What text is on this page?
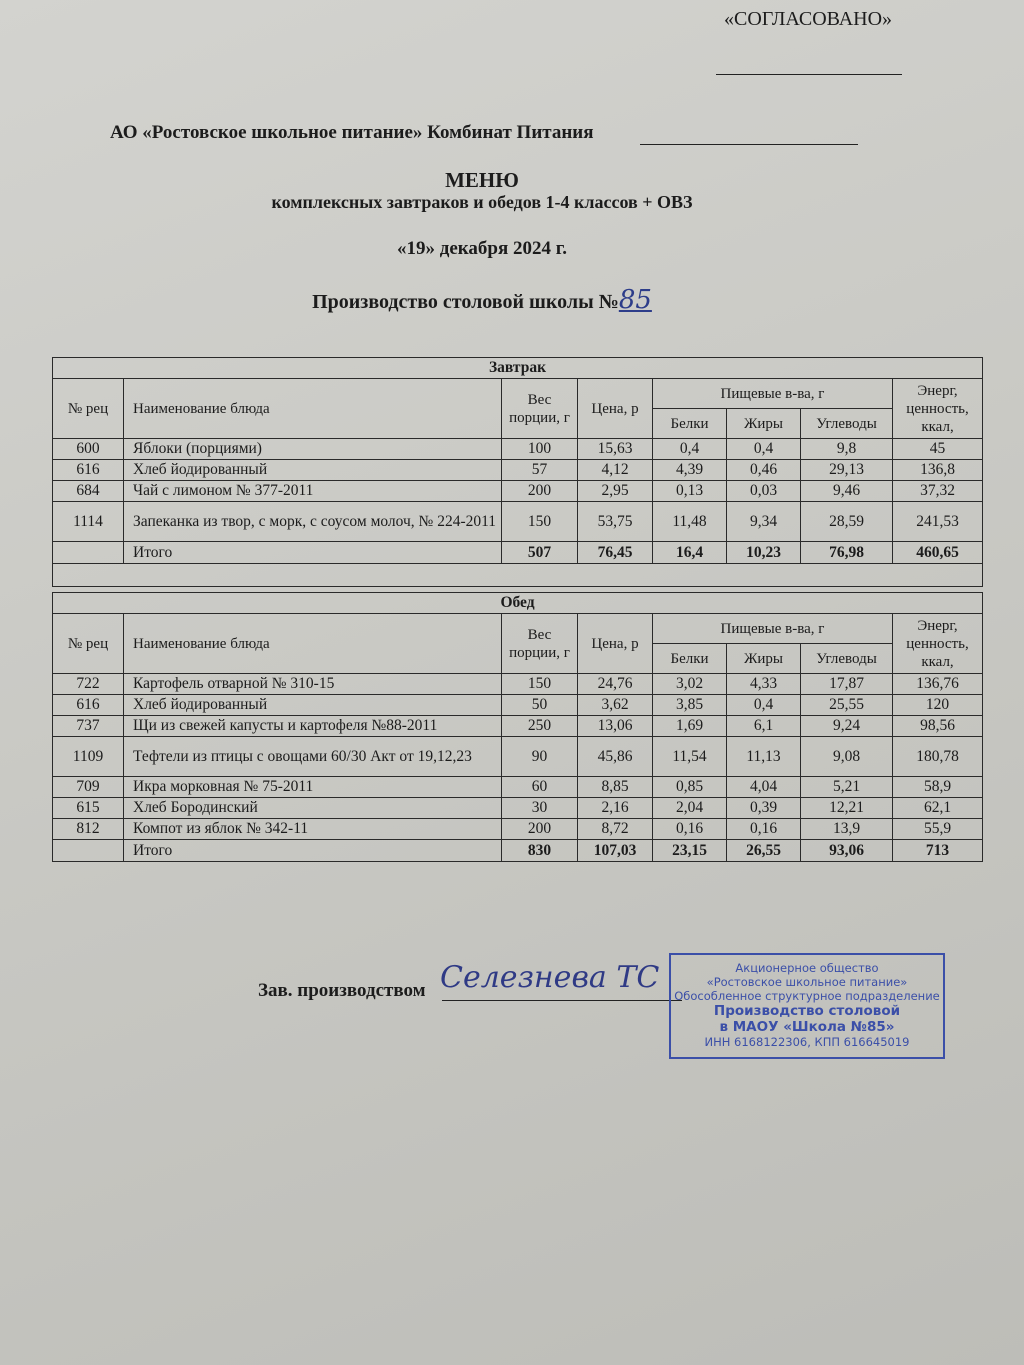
«СОГЛАСОВАНО»
АО «Ростовское школьное питание» Комбинат Питания
МЕНЮ
комплексных завтраков и обедов 1-4 классов + ОВЗ
«19» декабря 2024 г.
Производство столовой школы №85
Завтрак							
№ рец	Наименование блюда	Вес порции, г	Цена, р	Пищевые в-ва, г			Энерг, ценность, ккал,
				Белки	Жиры	Углеводы	
600	Яблоки (порциями)	100	15,63	0,4	0,4	9,8	45
616	Хлеб йодированный	57	4,12	4,39	0,46	29,13	136,8
684	Чай с лимоном № 377-2011	200	2,95	0,13	0,03	9,46	37,32
1114	Запеканка из твор, с морк, с соусом молоч, № 224-2011	150	53,75	11,48	9,34	28,59	241,53
	Итого	507	76,45	16,4	10,23	76,98	460,65

Обед							
№ рец	Наименование блюда	Вес порции, г	Цена, р	Пищевые в-ва, г			Энерг, ценность, ккал,
				Белки	Жиры	Углеводы	
722	Картофель отварной № 310-15	150	24,76	3,02	4,33	17,87	136,76
616	Хлеб йодированный	50	3,62	3,85	0,4	25,55	120
737	Щи из свежей капусты и картофеля №88-2011	250	13,06	1,69	6,1	9,24	98,56
1109	Тефтели из птицы с овощами 60/30 Акт от 19,12,23	90	45,86	11,54	11,13	9,08	180,78
709	Икра морковная № 75-2011	60	8,85	0,85	4,04	5,21	58,9
615	Хлеб Бородинский	30	2,16	2,04	0,39	12,21	62,1
812	Компот из яблок № 342-11	200	8,72	0,16	0,16	13,9	55,9
	Итого	830	107,03	23,15	26,55	93,06	713
Зав. производством Селезнева ТС	Акционерное общество
«Ростовское школьное питание»
Обособленное структурное подразделение
Производство столовой
в МАОУ «Школа №85»
ИНН 6168122306, КПП 616645019
